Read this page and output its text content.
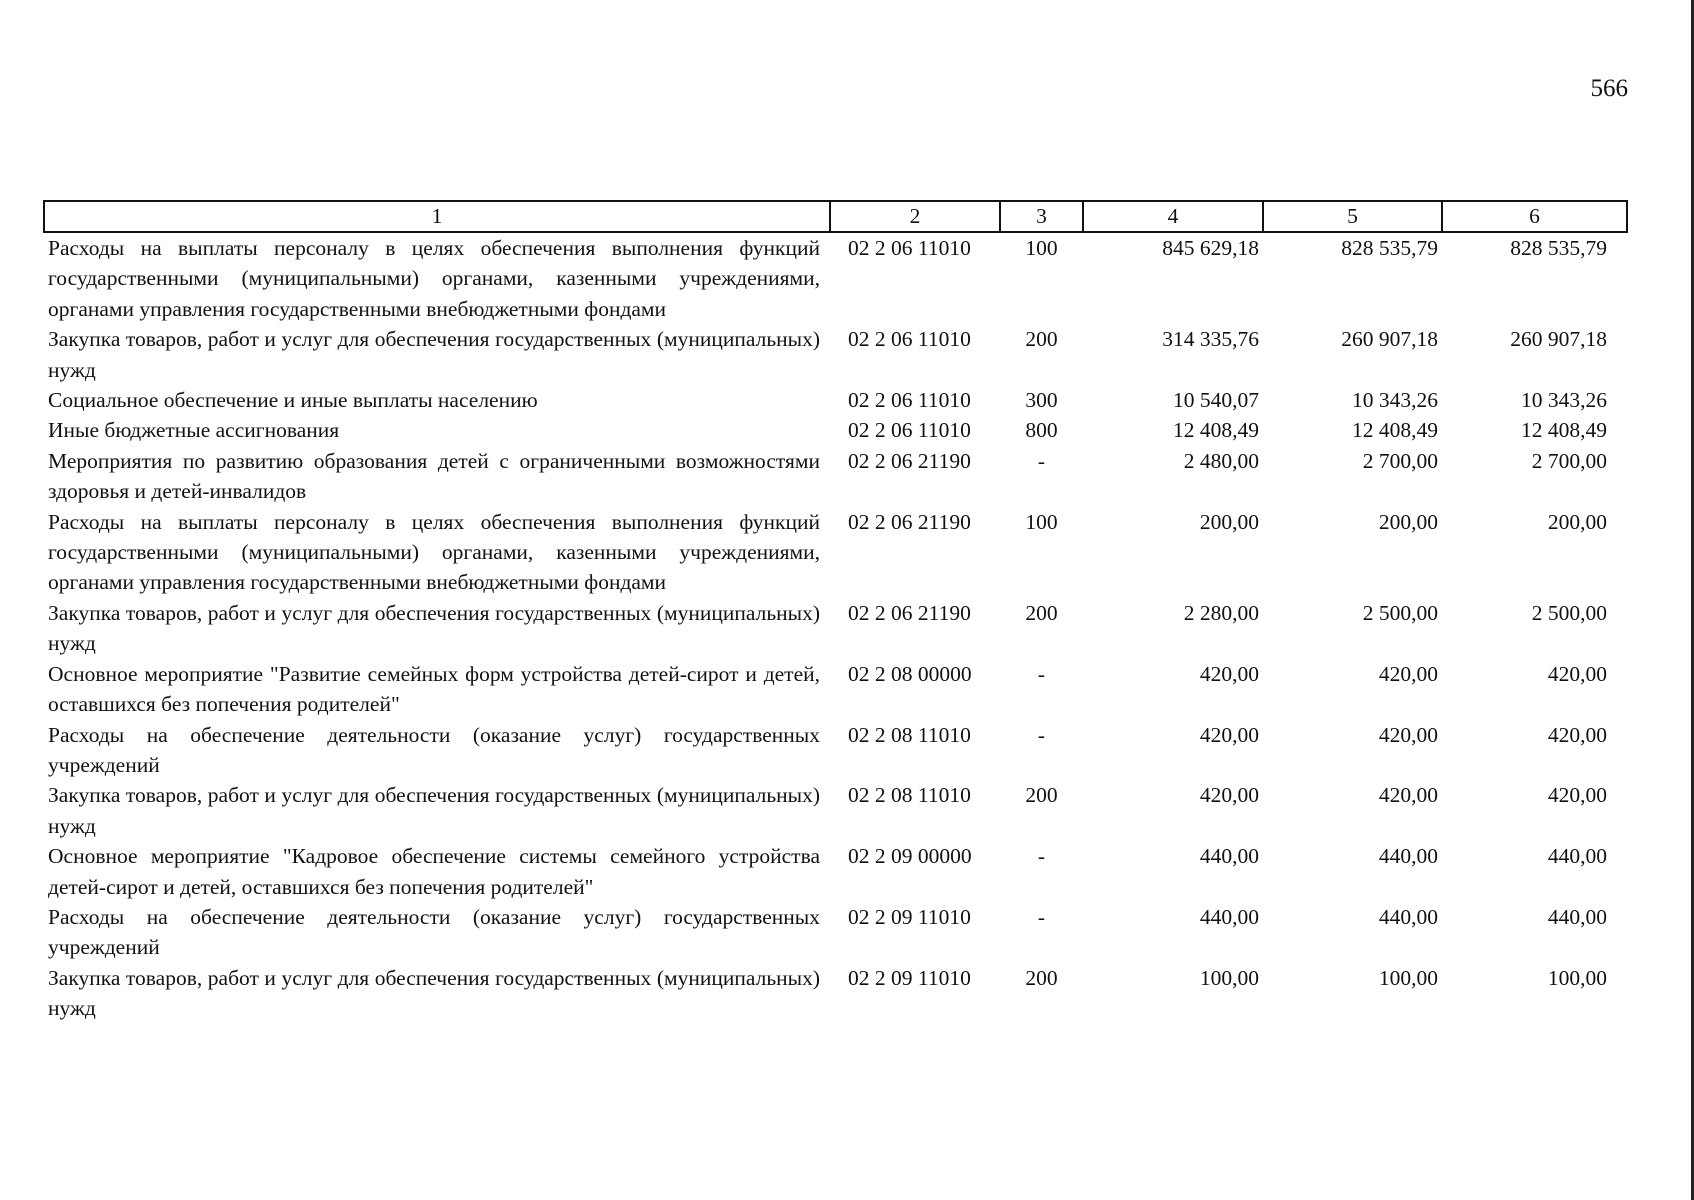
566
1	2	3	4	5	6
Расходы на выплаты персоналу в целях обеспечения выполнения функций государственными (муниципальными) органами, казенными учреждениями, органами управления государственными внебюджетными фондами	02 2 06 11010	100	845 629,18	828 535,79	828 535,79
Закупка товаров, работ и услуг для обеспечения государственных (муниципальных) нужд	02 2 06 11010	200	314 335,76	260 907,18	260 907,18
Социальное обеспечение и иные выплаты населению	02 2 06 11010	300	10 540,07	10 343,26	10 343,26
Иные бюджетные ассигнования	02 2 06 11010	800	12 408,49	12 408,49	12 408,49
Мероприятия по развитию образования детей с ограниченными возможностями здоровья и детей-инвалидов	02 2 06 21190	-	2 480,00	2 700,00	2 700,00
Расходы на выплаты персоналу в целях обеспечения выполнения функций государственными (муниципальными) органами, казенными учреждениями, органами управления государственными внебюджетными фондами	02 2 06 21190	100	200,00	200,00	200,00
Закупка товаров, работ и услуг для обеспечения государственных (муниципальных) нужд	02 2 06 21190	200	2 280,00	2 500,00	2 500,00
Основное мероприятие "Развитие семейных форм устройства детей-сирот и детей, оставшихся без попечения родителей"	02 2 08 00000	-	420,00	420,00	420,00
Расходы на обеспечение деятельности (оказание услуг) государственных учреждений	02 2 08 11010	-	420,00	420,00	420,00
Закупка товаров, работ и услуг для обеспечения государственных (муниципальных) нужд	02 2 08 11010	200	420,00	420,00	420,00
Основное мероприятие "Кадровое обеспечение системы семейного устройства детей-сирот и детей, оставшихся без попечения родителей"	02 2 09 00000	-	440,00	440,00	440,00
Расходы на обеспечение деятельности (оказание услуг) государственных учреждений	02 2 09 11010	-	440,00	440,00	440,00
Закупка товаров, работ и услуг для обеспечения государственных (муниципальных) нужд	02 2 09 11010	200	100,00	100,00	100,00
